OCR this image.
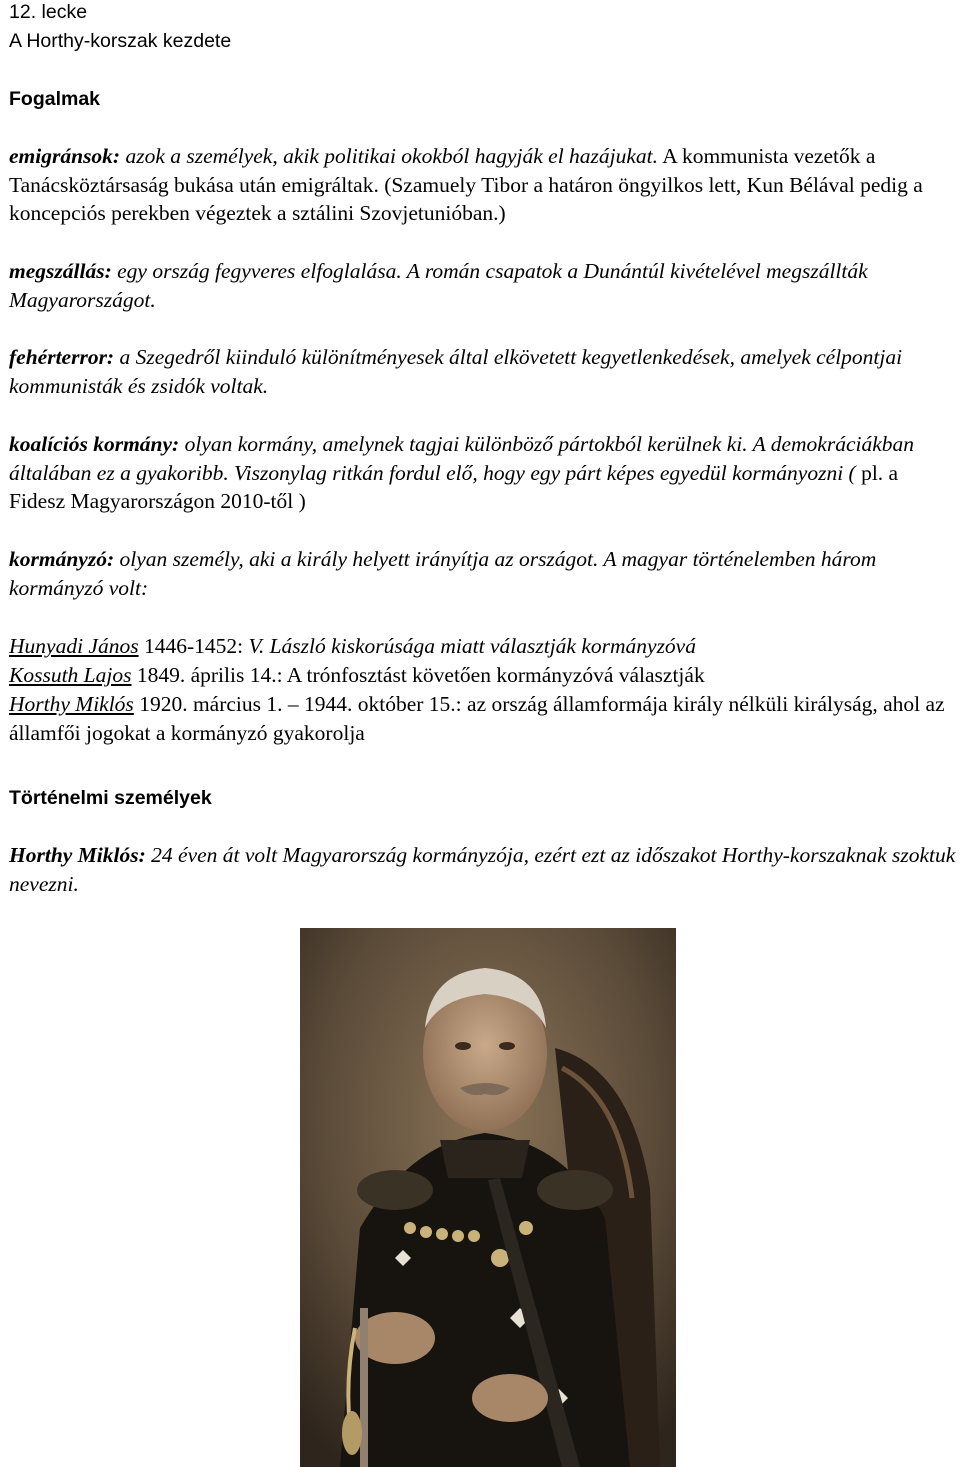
12. lecke
A Horthy-korszak kezdete
Fogalmak

emigránsok: azok a személyek, akik politikai okokból hagyják el hazájukat. A kommunista vezetők a Tanácsköztársaság bukása után emigráltak. (Szamuely Tibor a határon öngyilkos lett, Kun Bélával pedig a koncepciós perekben végeztek a sztálini Szovjetunióban.)

megszállás: egy ország fegyveres elfoglalása. A román csapatok a Dunántúl kivételével megszállták Magyarországot.

fehérterror: a Szegedről kiinduló különítményesek által elkövetett kegyetlenkedések, amelyek célpontjai kommunisták és zsidók voltak.

koalíciós kormány: olyan kormány, amelynek tagjai különböző pártokból kerülnek ki. A demokráciákban általában ez a gyakoribb. Viszonylag ritkán fordul elő, hogy egy párt képes egyedül kormányozni ( pl. a Fidesz Magyarországon 2010-től )

kormányzó: olyan személy, aki a király helyett irányítja az országot. A magyar történelemben három kormányzó volt:

Hunyadi János 1446-1452: V. László kiskorúsága miatt választják kormányzóvá

Kossuth Lajos 1849. április 14.: A trónfosztást követően kormányzóvá választják

Horthy Miklós 1920. március 1. – 1944. október 15.: az ország államformája király nélküli királyság, ahol az államfői jogokat a kormányzó gyakorolja

Történelmi személyek

Horthy Miklós: 24 éven át volt Magyarország kormányzója, ezért ezt az időszakot Horthy-korszaknak szoktuk nevezni.
